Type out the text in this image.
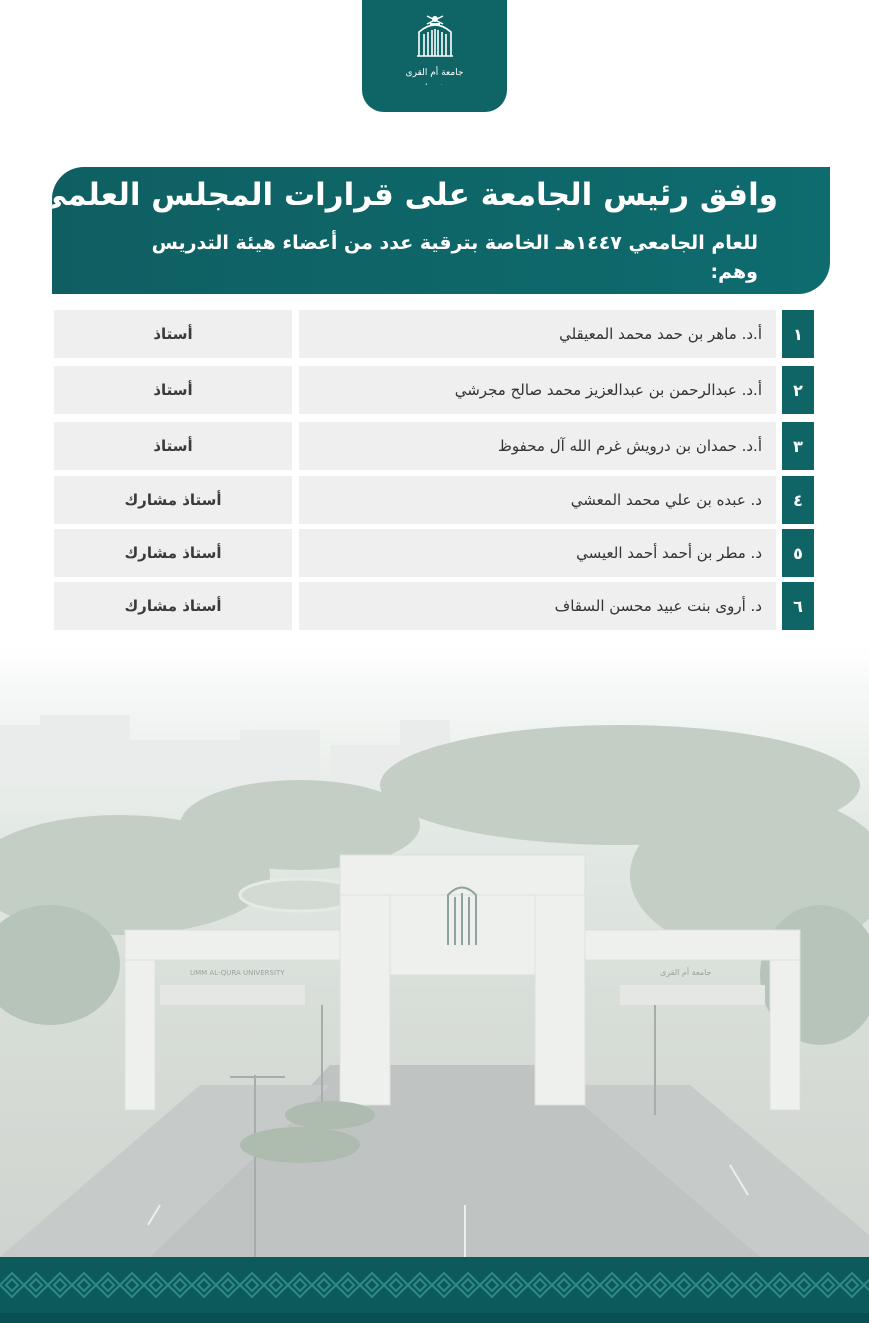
جامعة أم القرى
•   ·
وافق رئيس الجامعة على قرارات المجلس العلمي
للعام الجامعي ١٤٤٧هـ الخاصة بترقية عدد من أعضاء هيئة التدريس وهم:
أستاذ	أ.د. ماهر بن حمد محمد المعيقلي	١
أستاذ	أ.د. عبدالرحمن بن عبدالعزيز محمد صالح مجرشي	٢
أستاذ	أ.د. حمدان بن درويش غرم الله آل محفوظ	٣
أستاذ مشارك	د. عبده بن علي محمد المعشي	٤
أستاذ مشارك	د. مطر بن أحمد أحمد العيسي	٥
أستاذ مشارك	د. أروى بنت عبيد محسن السقاف	٦
UMM AL-QURA UNIVERSITY	جامعة أم القرى
